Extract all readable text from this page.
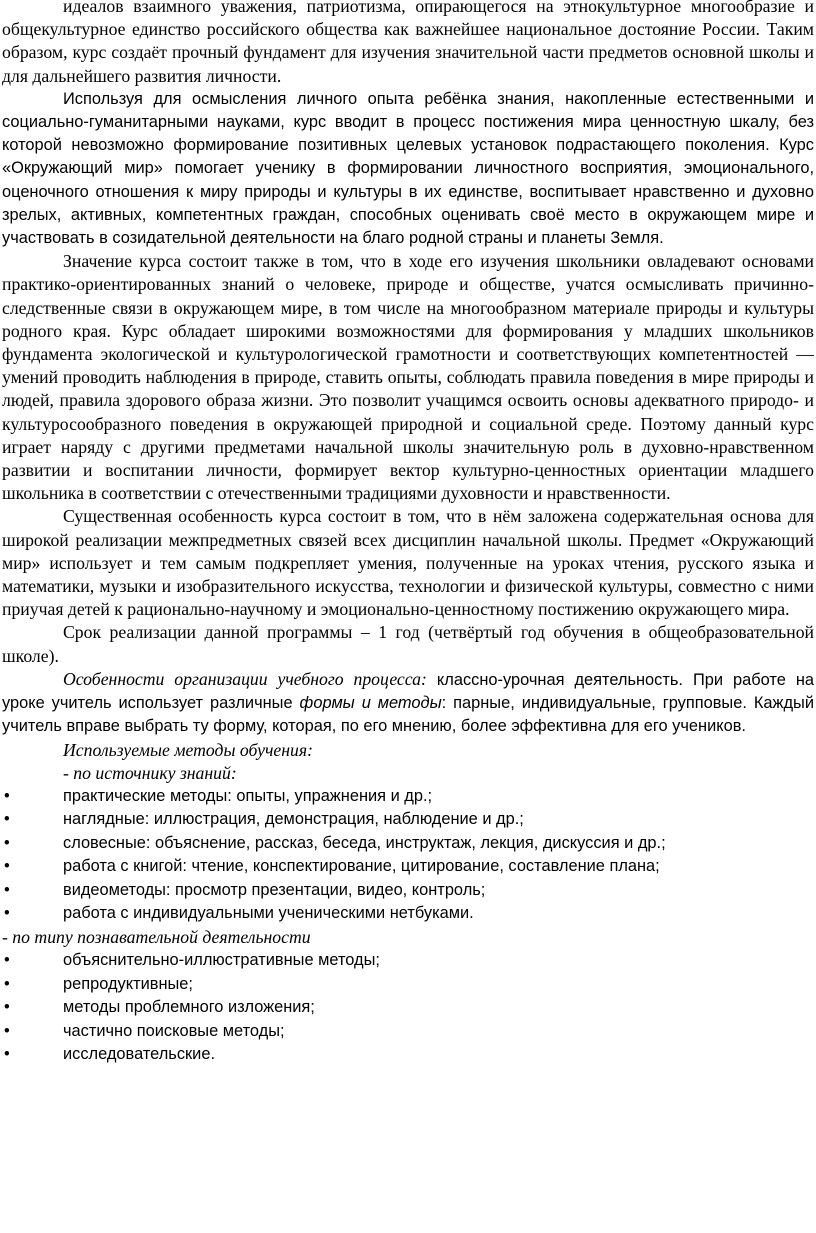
идеалов взаимного уважения, патриотизма, опирающегося на этнокультурное многообразие и общекультурное единство российского общества как важнейшее национальное достояние России. Таким образом, курс создаёт прочный фундамент для изучения значительной части предметов основной школы и для дальнейшего развития личности.

Используя для осмысления личного опыта ребёнка знания, накопленные естественными и социально-гуманитарными науками, курс вводит в процесс постижения мира ценностную шкалу, без которой невозможно формирование позитивных целевых установок подрастающего поколения. Курс «Окружающий мир» помогает ученику в формировании личностного восприятия, эмоционального, оценочного отношения к миру природы и культуры в их единстве, воспитывает нравственно и духовно зрелых, активных, компетентных граждан, способных оценивать своё место в окружающем мире и участвовать в созидательной деятельности на благо родной страны и планеты Земля.

Значение курса состоит также в том, что в ходе его изучения школьники овладевают основами практико-ориентированных знаний о человеке, природе и обществе, учатся осмысливать причинно-следственные связи в окружающем мире, в том числе на многообразном материале природы и культуры родного края. Курс обладает широкими возможностями для формирования у младших школьников фундамента экологической и культурологической грамотности и соответствующих компетентностей — умений проводить наблюдения в природе, ставить опыты, соблюдать правила поведения в мире природы и людей, правила здорового образа жизни. Это позволит учащимся освоить основы адекватного природо- и культуросообразного поведения в окружающей природной и социальной среде. Поэтому данный курс играет наряду с другими предметами начальной школы значительную роль в духовно-нравственном развитии и воспитании личности, формирует вектор культурно-ценностных ориентации младшего школьника в соответствии с отечественными традициями духовности и нравственности.

Существенная особенность курса состоит в том, что в нём заложена содержательная основа для широкой реализации межпредметных связей всех дисциплин начальной школы. Предмет «Окружающий мир» использует и тем самым подкрепляет умения, полученные на уроках чтения, русского языка и математики, музыки и изобразительного искусства, технологии и физической культуры, совместно с ними приучая детей к рационально-научному и эмоционально-ценностному постижению окружающего мира.

Срок реализации данной программы – 1 год (четвёртый год обучения в общеобразовательной школе).

Особенности организации учебного процесса: классно-урочная деятельность. При работе на уроке учитель использует различные формы и методы: парные, индивидуальные, групповые. Каждый учитель вправе выбрать ту форму, которая, по его мнению, более эффективна для его учеников.

Используемые методы обучения:

- по источнику знаний:

•	практические методы: опыты, упражнения и др.;
•	наглядные: иллюстрация, демонстрация, наблюдение и др.;
•	словесные: объяснение, рассказ, беседа, инструктаж, лекция, дискуссия и др.;
•	работа с книгой: чтение, конспектирование, цитирование, составление плана;
•	видеометоды: просмотр презентации, видео, контроль;
•	работа с индивидуальными ученическими нетбуками.

- по типу познавательной деятельности

•	объяснительно-иллюстративные методы;
•	репродуктивные;
•	методы проблемного изложения;
•	частично поисковые методы;
•	исследовательские.
